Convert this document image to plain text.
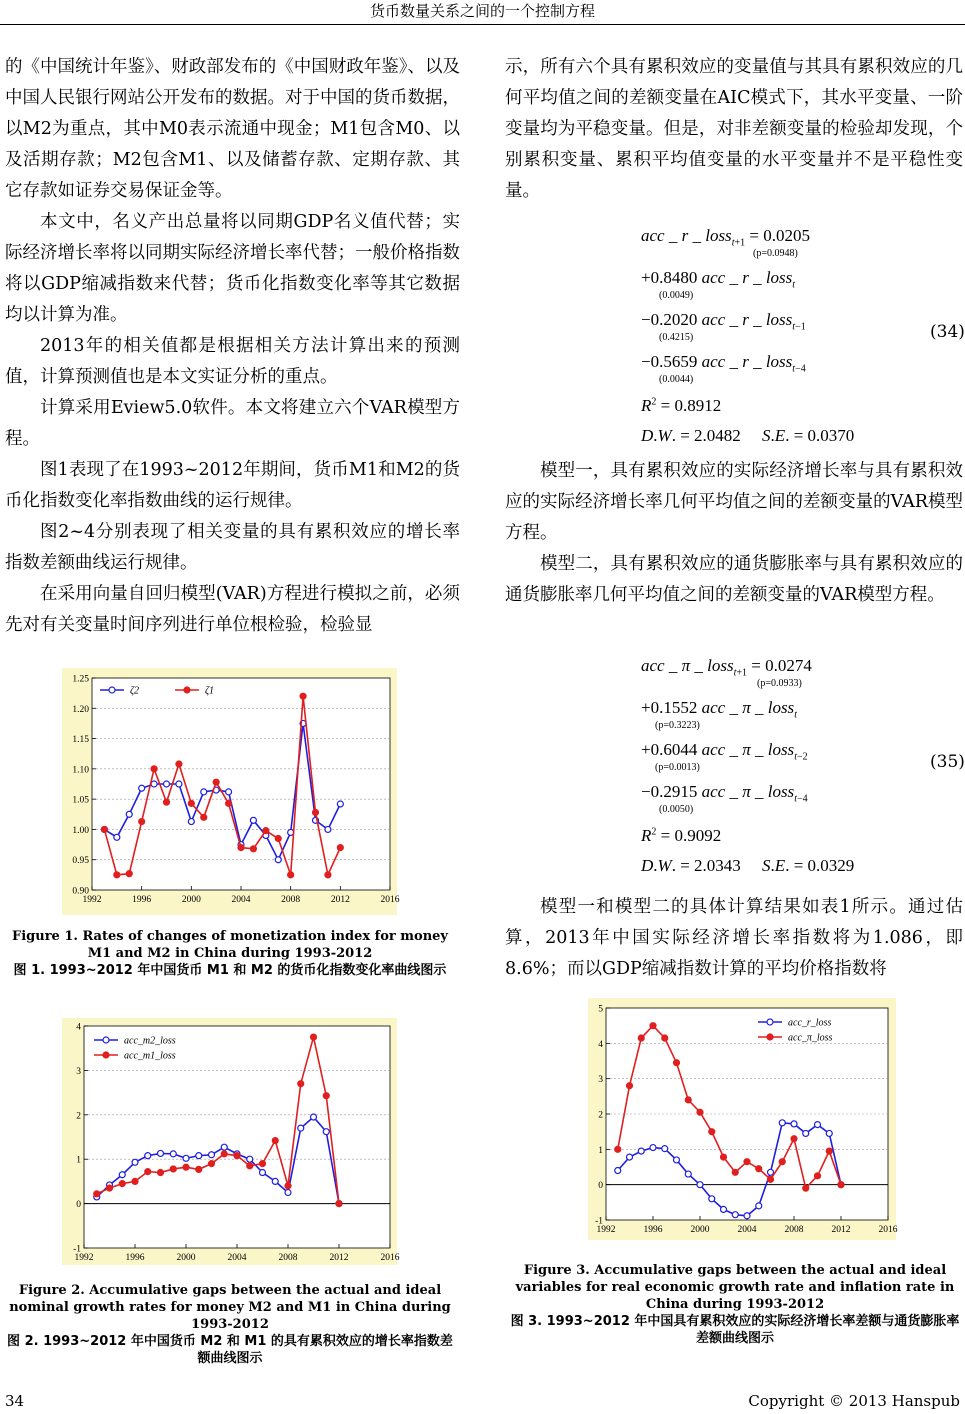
货币数量关系之间的一个控制方程

的《中国统计年鉴》、财政部发布的《中国财政年鉴》、以及中国人民银行网站公开发布的数据。对于中国的货币数据，以M2为重点，其中M0表示流通中现金；M1包含M0、以及活期存款；M2包含M1、以及储蓄存款、定期存款、其它存款如证券交易保证金等。

本文中，名义产出总量将以同期GDP名义值代替；实际经济增长率将以同期实际经济增长率代替；一般价格指数将以GDP缩减指数来代替；货币化指数变化率等其它数据均以计算为准。

2013年的相关值都是根据相关方法计算出来的预测值，计算预测值也是本文实证分析的重点。

计算采用Eview5.0软件。本文将建立六个VAR模型方程。

图1表现了在1993~2012年期间，货币M1和M2的货币化指数变化率指数曲线的运行规律。

图2~4分别表现了相关变量的具有累积效应的增长率指数差额曲线运行规律。

在采用向量自回归模型(VAR)方程进行模拟之前，必须先对有关变量时间序列进行单位根检验，检验显

示，所有六个具有累积效应的变量值与其具有累积效应的几何平均值之间的差额变量在AIC模式下，其水平变量、一阶变量均为平稳变量。但是，对非差额变量的检验却发现，个别累积变量、累积平均值变量的水平变量并不是平稳性变量。

acc _ r _ loss$_{t+1}$ = 0.0205
(p=0.0948)
+0.8480 acc _ r _ loss$_t$
(0.0049)
−0.2020 acc _ r _ loss$_{t-1}$
(0.4215)
−0.5659 acc _ r _ loss$_{t-4}$
(0.0044)
$R^2 = 0.8912$
D.W. = 2.0482 S.E. = 0.0370
(34)

模型一，具有累积效应的实际经济增长率与具有累积效应的实际经济增长率几何平均值之间的差额变量的VAR模型方程。

模型二，具有累积效应的通货膨胀率与具有累积效应的通货膨胀率几何平均值之间的差额变量的VAR模型方程。

acc _ π _ loss$_{t+1}$ = 0.0274
(p=0.0933)
+0.1552 acc _ π _ loss$_t$
(p=0.3223)
+0.6044 acc _ π _ loss$_{t-2}$
(p=0.0013)
−0.2915 acc _ π _ loss$_{t-4}$
(0.0050)
$R^2 = 0.9092$
D.W. = 2.0343 S.E. = 0.0329
(35)

模型一和模型二的具体计算结果如表1所示。通过估算，2013年中国实际经济增长率指数将为1.086，即8.6%；而以GDP缩减指数计算的平均价格指数将

0.90
0.95
1.00
1.05
1.10
1.15
1.20
1.25
1992	1996	2000	2004	2008	2012	2016
ζ2	ζ1
Figure 1. Rates of changes of monetization index for money M1 and M2 in China during 1993-2012
图 1. 1993~2012 年中国货币 M1 和 M2 的货币化指数变化率曲线图示
-1
0
1
2
3
4
1992	1996	2000	2004	2008	2012	2016
acc_m2_loss
acc_m1_loss
Figure 2. Accumulative gaps between the actual and ideal nominal growth rates for money M2 and M1 in China during 1993-2012
图 2. 1993~2012 年中国货币 M2 和 M1 的具有累积效应的增长率指数差额曲线图示
-1
0
1
2
3
4
5
1992	1996	2000	2004	2008	2012	2016
acc_r_loss
acc_π_loss
Figure 3. Accumulative gaps between the actual and ideal variables for real economic growth rate and inflation rate in China during 1993-2012
图 3. 1993~2012 年中国具有累积效应的实际经济增长率差额与通货膨胀率差额曲线图示
34	Copyright © 2013 Hanspub
